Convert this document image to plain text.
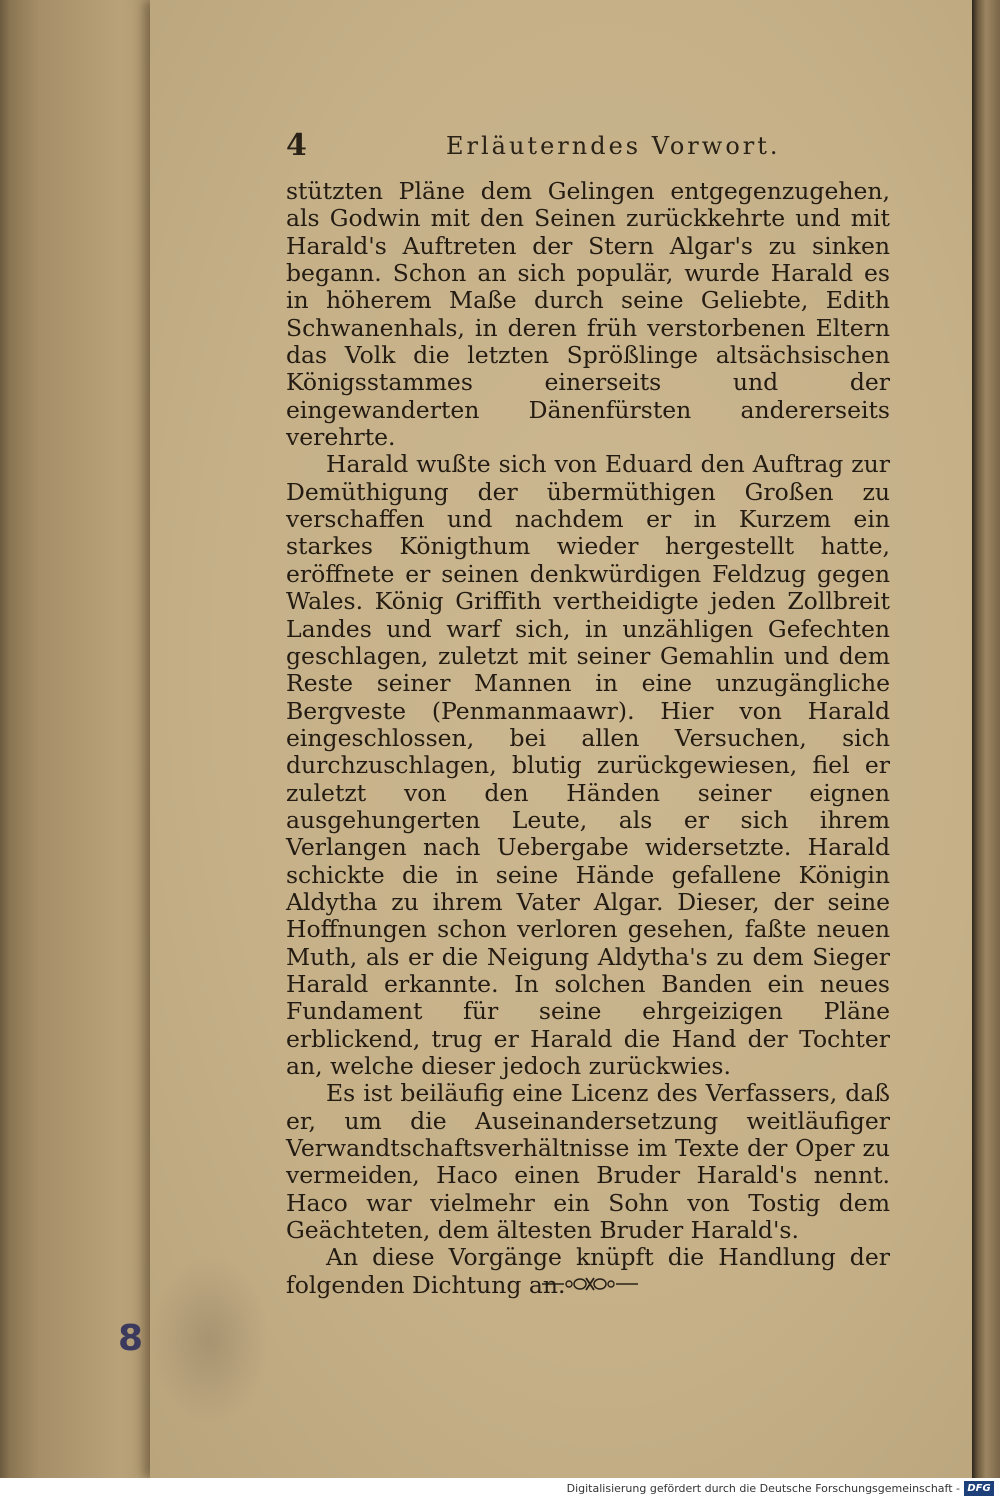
4	Erläuterndes Vorwort.

stützten Pläne dem Gelingen entgegenzugehen, als Godwin mit den Seinen zurückkehrte und mit Harald's Auftreten der Stern Algar's zu sinken begann. Schon an sich populär, wurde Harald es in höherem Maße durch seine Geliebte, Edith Schwanenhals, in deren früh verstorbenen Eltern das Volk die letzten Sprößlinge altsächsischen Königsstammes einerseits und der eingewanderten Dänenfürsten andererseits verehrte.

Harald wußte sich von Eduard den Auftrag zur Demüthigung der übermüthigen Großen zu verschaffen und nachdem er in Kurzem ein starkes Königthum wieder hergestellt hatte, eröffnete er seinen denkwürdigen Feldzug gegen Wales. König Griffith vertheidigte jeden Zollbreit Landes und warf sich, in unzähligen Gefechten geschlagen, zuletzt mit seiner Gemahlin und dem Reste seiner Mannen in eine unzugängliche Bergveste (Penmanmaawr). Hier von Harald eingeschlossen, bei allen Versuchen, sich durchzuschlagen, blutig zurückgewiesen, fiel er zuletzt von den Händen seiner eignen ausgehungerten Leute, als er sich ihrem Verlangen nach Uebergabe widersetzte. Harald schickte die in seine Hände gefallene Königin Aldytha zu ihrem Vater Algar. Dieser, der seine Hoffnungen schon verloren gesehen, faßte neuen Muth, als er die Neigung Aldytha's zu dem Sieger Harald erkannte. In solchen Banden ein neues Fundament für seine ehrgeizigen Pläne erblickend, trug er Harald die Hand der Tochter an, welche dieser jedoch zurückwies.

Es ist beiläufig eine Licenz des Verfassers, daß er, um die Auseinandersetzung weitläufiger Verwandtschaftsverhältnisse im Texte der Oper zu vermeiden, Haco einen Bruder Harald's nennt. Haco war vielmehr ein Sohn von Tostig dem Geächteten, dem ältesten Bruder Harald's.

An diese Vorgänge knüpft die Handlung der folgenden Dichtung an.

8
Digitalisierung gefördert durch die Deutsche Forschungsgemeinschaft - DFG
